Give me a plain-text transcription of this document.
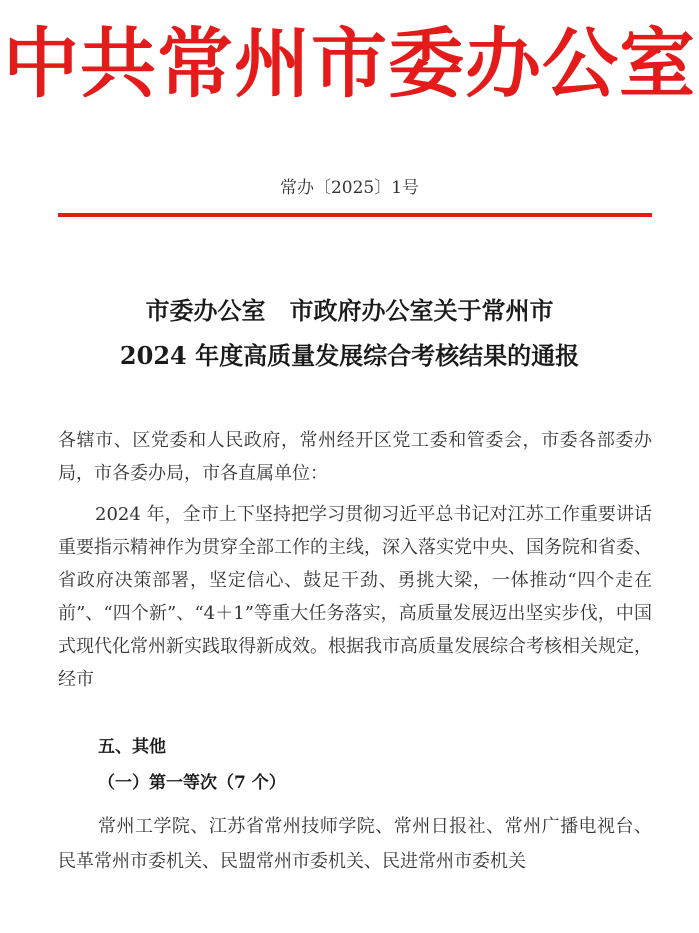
中共常州市委办公室
常办〔2025〕1号
市委办公室　市政府办公室关于常州市
2024 年度高质量发展综合考核结果的通报
各辖市、区党委和人民政府，常州经开区党工委和管委会，市委各部委办局，市各委办局，市各直属单位：
2024 年，全市上下坚持把学习贯彻习近平总书记对江苏工作重要讲话重要指示精神作为贯穿全部工作的主线，深入落实党中央、国务院和省委、省政府决策部署，坚定信心、鼓足干劲、勇挑大梁，一体推动“四个走在前”、“四个新”、“4＋1”等重大任务落实，高质量发展迈出坚实步伐，中国式现代化常州新实践取得新成效。根据我市高质量发展综合考核相关规定，经市
五、其他
（一）第一等次（7 个）
常州工学院、江苏省常州技师学院、常州日报社、常州广播电视台、民革常州市委机关、民盟常州市委机关、民进常州市委机关
